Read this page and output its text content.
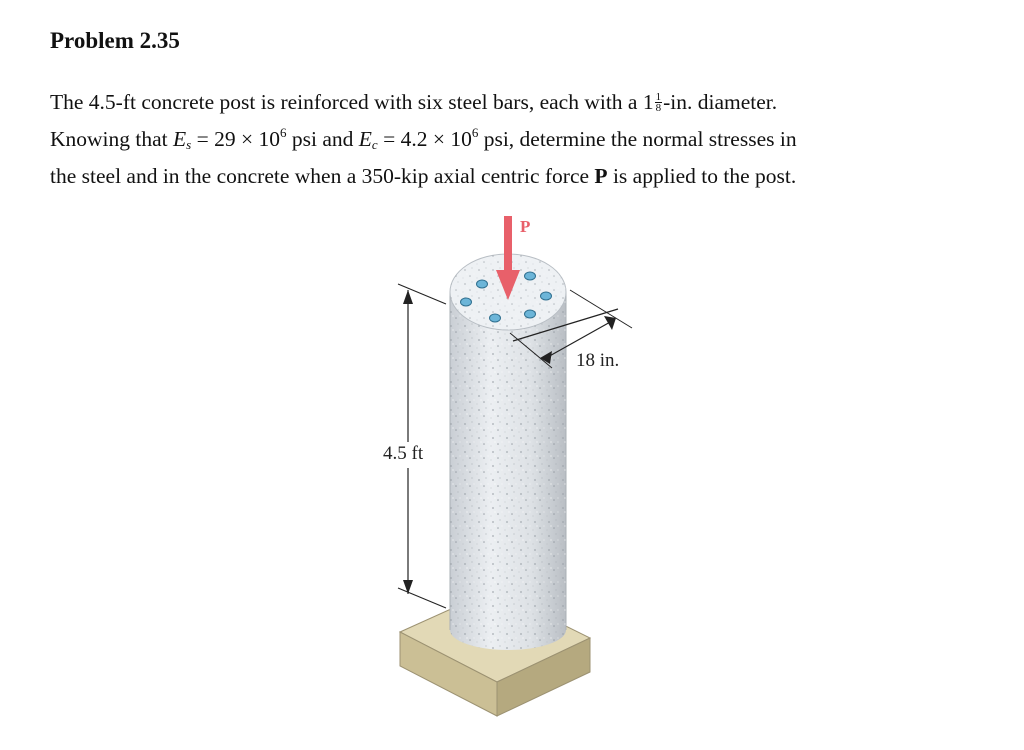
Problem 2.35

The 4.5-ft concrete post is reinforced with six steel bars, each with a $1 \frac{1}{8} -in$. diameter.
Knowing that $E_s = 29 \times 10^6$ psi and $E_c = 4.2 \times 10^6$ psi, determine the normal stresses in
the steel and in the concrete when a 350-kip axial centric force P is applied to the post.

P
18 in.
4.5 ft
